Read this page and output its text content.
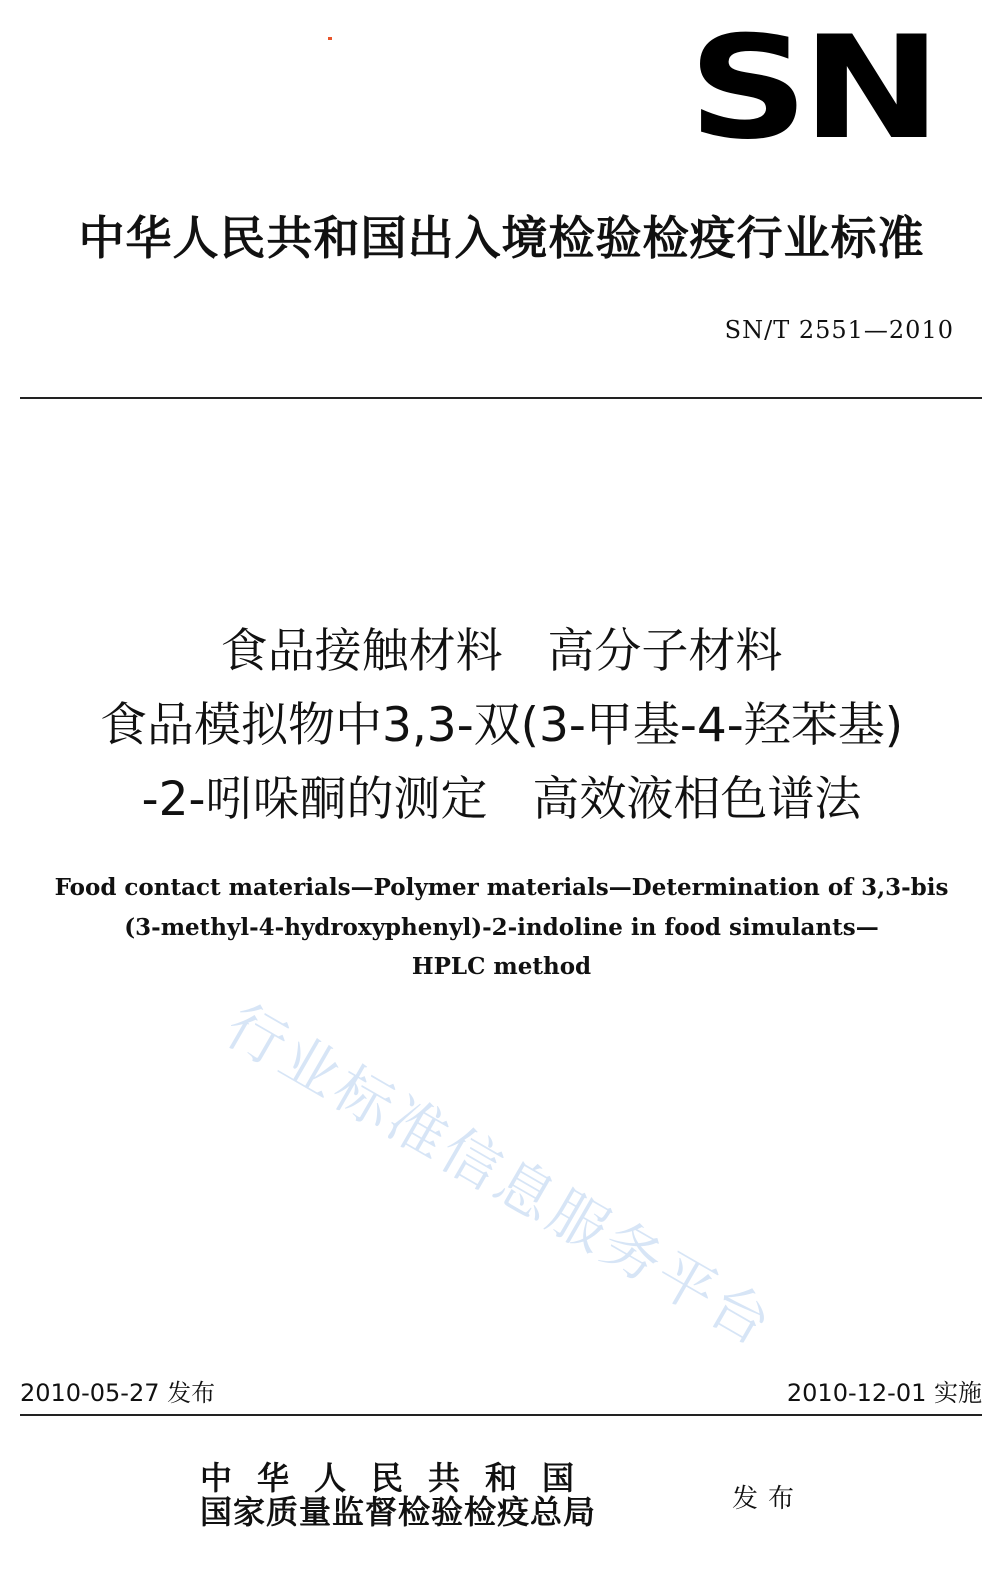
SN
中华人民共和国出入境检验检疫行业标准
SN/T 2551—2010
食品接触材料   高分子材料
食品模拟物中3,3-双(3-甲基-4-羟苯基)
-2-吲哚酮的测定   高效液相色谱法
Food contact materials—Polymer materials—Determination of 3,3-bis
(3-methyl-4-hydroxyphenyl)-2-indoline in food simulants—
HPLC method
行业标准信息服务平台
2010-05-27 发布	2010-12-01 实施
中华人民共和国
国家质量监督检验检疫总局	发布
